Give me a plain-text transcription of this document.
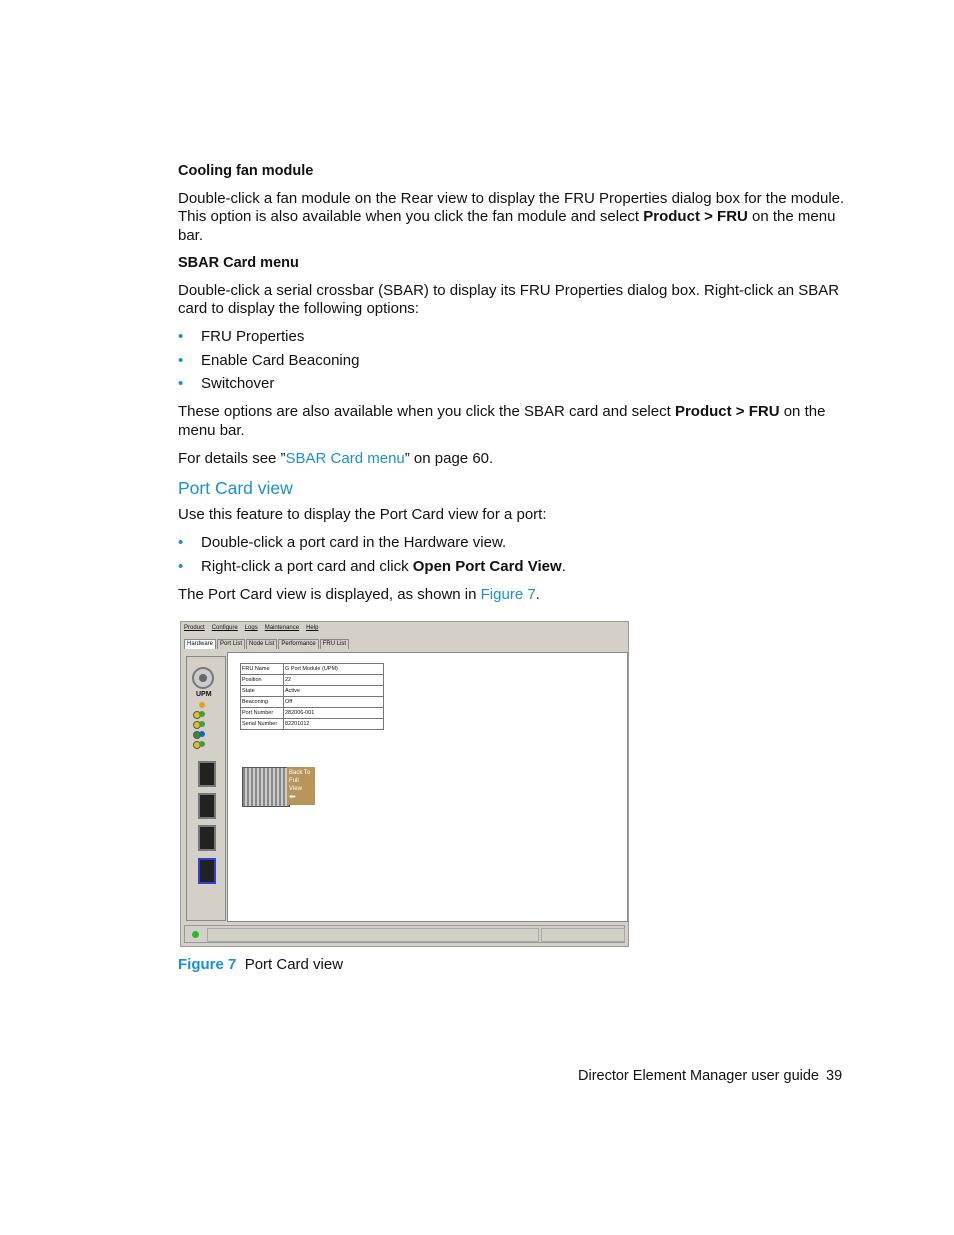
Cooling fan module
Double-click a fan module on the Rear view to display the FRU Properties dialog box for the module.
This option is also available when you click the fan module and select Product > FRU on the menu
bar.
SBAR Card menu
Double-click a serial crossbar (SBAR) to display its FRU Properties dialog box. Right-click an SBAR
card to display the following options:
• FRU Properties
• Enable Card Beaconing
• Switchover
These options are also available when you click the SBAR card and select Product > FRU on the
menu bar.
For details see ”SBAR Card menu” on page 60.
Port Card view
Use this feature to display the Port Card view for a port:
• Double-click a port card in the Hardware view.
• Right-click a port card and click Open Port Card View.
The Port Card view is displayed, as shown in Figure 7.
Product Configure Logs Maintenance Help
Hardware	Port List	Node List	Performance	FRU List
UPM
FRU Name	G Port Module (UPM)
Position	22
State	Active
Beaconing	Off
Port Number	282006-001
Serial Number	82201012
Back To Full View
⬅
Figure 7 Port Card view
Director Element Manager user guide 39
